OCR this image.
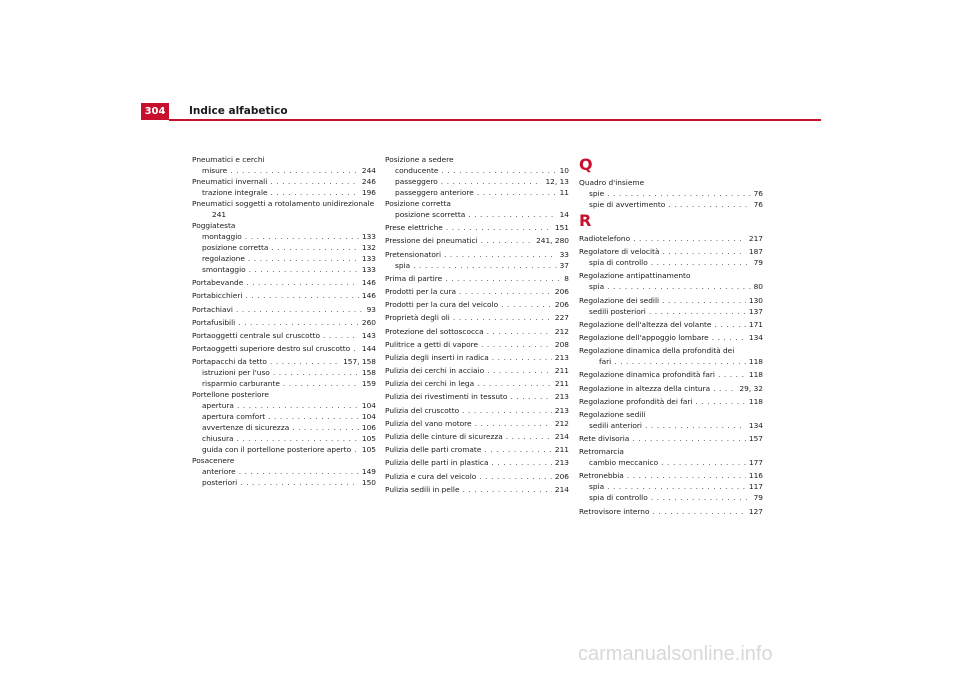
304	Indice alfabetico
Pneumatici e cerchi
misure . . .	244
Pneumatici invernali . . .	246
trazione integrale . . .	196
Pneumatici soggetti a rotolamento unidirezionale
241
Poggiatesta
montaggio . . .	133
posizione corretta . . .	132
regolazione . . .	133
smontaggio . . .	133
Portabevande . . .	146
Portabicchieri . . .	146
Portachiavi . . .	93
Portafusibili . . .	260
Portaoggetti centrale sul cruscotto . . .	143
Portaoggetti superiore destro sul cruscotto . . . 144
Portapacchi da tetto . . .	157, 158
istruzioni per l'uso . . .	158
risparmio carburante . . .	159
Portellone posteriore
apertura . . .	104
apertura comfort . . .	104
avvertenze di sicurezza . . .	106
chiusura . . .	105
guida con il portellone posteriore aperto . . . 105
Posacenere
anteriore . . .	149
posteriori . . .	150
Posizione a sedere
conducente . . .	10
passeggero . . .	12, 13
passeggero anteriore . . .	11
Posizione corretta
posizione scorretta . . .	14
Prese elettriche . . .	151
Pressione dei pneumatici . . .	241, 280
Pretensionatori . . .	33
spia . . .	37
Prima di partire . . .	8
Prodotti per la cura . . .	206
Prodotti per la cura del veicolo . . .	206
Proprietà degli oli . . .	227
Protezione del sottoscocca . . .	212
Pulitrice a getti di vapore . . .	208
Pulizia degli inserti in radica . . .	213
Pulizia dei cerchi in acciaio . . .	211
Pulizia dei cerchi in lega . . .	211
Pulizia dei rivestimenti in tessuto . . .	213
Pulizia del cruscotto . . .	213
Pulizia del vano motore . . .	212
Pulizia delle cinture di sicurezza . . .	214
Pulizia delle parti cromate . . .	211
Pulizia delle parti in plastica . . .	213
Pulizia e cura del veicolo . . .	206
Pulizia sedili in pelle . . .	214
Q
Quadro d'insieme
spie . . .	76
spie di avvertimento . . .	76
R
Radiotelefono . . .	217
Regolatore di velocità . . .	187
spia di controllo . . .	79
Regolazione antipattinamento
spia . . .	80
Regolazione dei sedili . . .	130
sedili posteriori . . .	137
Regolazione dell'altezza del volante . . .	171
Regolazione dell'appoggio lombare . . .	134
Regolazione dinamica della profondità dei
fari . . .	118
Regolazione dinamica profondità fari . . .	118
Regolazione in altezza della cintura . . .	29, 32
Regolazione profondità dei fari . . .	118
Regolazione sedili
sedili anteriori . . .	134
Rete divisoria . . .	157
Retromarcia
cambio meccanico . . .	177
Retronebbia . . .	116
spia . . .	117
spia di controllo . . .	79
Retrovisore interno . . .	127
carmanualsonline.info
